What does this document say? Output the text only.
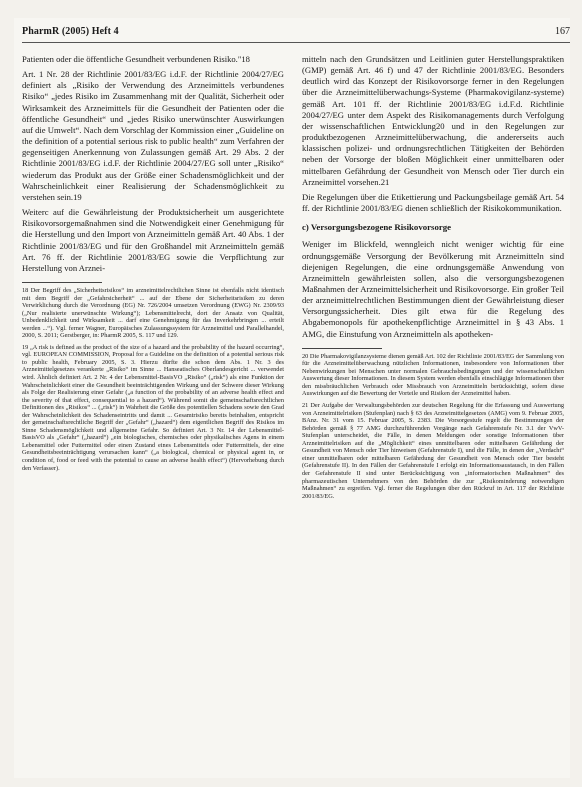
PharmR (2005) Heft 4	167

Patienten oder die öffentliche Gesundheit verbundenen Risiko."18

Art. 1 Nr. 28 der Richtlinie 2001/83/EG i.d.F. der Richtlinie 2004/27/EG definiert als „Risiko der Verwendung des Arzneimittels verbundenes Risiko“ „jedes Risiko im Zusammenhang mit der Qualität, Sicherheit oder Wirksamkeit des Arzneimittels für die Gesundheit der Patienten oder die öffentliche Gesundheit“ und „jedes Risiko unerwünschter Auswirkungen auf die Umwelt“. Nach dem Vorschlag der Kommission einer „Guideline on the definition of a potential serious risk to public health“ zum Verfahren der gegenseitigen Anerkennung von Zulassungen gemäß Art. 29 Abs. 2 der Richtlinie 2001/83/EG i.d.F. der Richtlinie 2004/27/EG soll unter „Risiko“ wiederum das Produkt aus der Größe einer Schadensmöglichkeit und der Wahrscheinlichkeit einer Realisierung der Schadensmöglichkeit zu verstehen sein.19

Weiterc auf die Gewährleistung der Produktsicherheit um ausgerichtete Risikovorsorgemaßnahmen sind die Notwendigkeit einer Genehmigung für die Herstellung und den Import von Arzneimitteln gemäß Art. 40 Abs. 1 der Richtlinie 2001/83/EG und für den Großhandel mit Arzneimitteln gemäß Art. 76 ff. der Richtlinie 2001/83/EG sowie die Verpflichtung zur Herstellung von Arznei-

18 Der Begriff des „Sicherheitsrisikos“ im arzneimittelrechtlichen Sinne ist ebenfalls nicht identisch mit dem Begriff der „Gefahrsicherheit“ ... auf der Ebene der Sicherheitsrisiken zu deren Verwirklichung durch die Verordnung (EG) Nr. 726/2004 umsetzen Verordnung (EWG) Nr. 2309/93 („Nur realisierte unerwünschte Wirkung“); Lebensmittelrecht, dort der Ansatz von Qualität, Unbedenklichkeit und Wirksamkeit ... darf eine Genehmigung für das Inverkehrbringen ... erteilt werden ...“). Vgl. ferner Wagner, Europäisches Zulassungssystem für Arzneimittel und Parallelhandel, 2000, S. 2011; Gerstberger, in: PharmR 2005, S. 117 und 129.

19 „A risk is defined as the product of the size of a hazard and the probability of the hazard occurring“, vgl. EUROPEAN COMMISSION, Proposal for a Guideline on the definition of a potential serious risk to public health, February 2005, S. 3. Hierzu dürfte die schon dem Abs. 1 Nr. 3 des Arzneimittelgesetzes verankerte „Risiko“ im Sinne ... Hanseatisches Oberlandesgericht ... verwendet wird. Ähnlich definiert Art. 2 Nr. 4 der Lebensmittel-BasisVO „Risiko“ („risk“) als eine Funktion der Wahrscheinlichkeit einer die Gesundheit beeinträchtigenden Wirkung und der Schwere dieser Wirkung als Folge der Realisierung einer Gefahr („a function of the probability of an adverse health effect and the severity of that effect, consequential to a hazard“). Während somit die gemeinschaftsrechtlichen Definitionen des „Risikos“ ... („risk“) in Wahrheit die Größe des potentiellen Schadens sowie den Grad der Wahrscheinlichkeit des Schadenseintritts und damit ... Gesamtrisiko bereits beinhalten, entspricht der gemeinschaftsrechtliche Begriff der „Gefahr“ („hazard“) dem eigentlichen Begriff des Risikos im Sinne Schadensmöglichkeit und allgemeine Gefahr. So definiert Art. 3 Nr. 14 der Lebensmittel-BasisVO als „Gefahr“ („hazard“) „ein biologisches, chemisches oder physikalisches Agens in einem Lebensmittel oder Futtermittel oder einen Zustand eines Lebensmittels oder Futtermittels, der eine Gesundheitsbeeinträchtigung verursachen kann“ („a biological, chemical or physical agent in, or condition of, food or feed with the potential to cause an adverse health effect“) (Hervorhebung durch den Verfasser).

mitteln nach den Grundsätzen und Leitlinien guter Herstellungspraktiken (GMP) gemäß Art. 46 f) und 47 der Richtlinie 2001/83/EG. Besonders deutlich wird das Konzept der Risikovorsorge ferner in den Regelungen über die Arzneimittelüberwachungs-Systeme (Pharmakovigilanz-systeme) gemäß Art. 101 ff. der Richtlinie 2001/83/EG i.d.F.d. Richtlinie 2004/27/EG unter dem Aspekt des Risikomanagements durch Verfolgung der wissenschaftlichen Entwicklung20 und in den Regelungen zur produktbezogenen Arzneimittelüberwachung, die andererseits auch klassischen polizei- und ordnungsrechtlichen Tätigkeiten der Behörden neben der Vorsorge der bloßen Möglichkeit einer unmittelbaren oder mittelbaren Gefährdung der Gesundheit von Mensch oder Tier durch ein Arzneimittel vorsehen.21

Die Regelungen über die Etikettierung und Packungsbeilage gemäß Art. 54 ff. der Richtlinie 2001/83/EG dienen schließlich der Risikokommunikation.

c) Versorgungsbezogene Risikovorsorge

Weniger im Blickfeld, wenngleich nicht weniger wichtig für eine ordnungsgemäße Versorgung der Bevölkerung mit Arzneimitteln sind diejenigen Regelungen, die eine ordnungsgemäße Anwendung von Arzneimitteln gewährleisten sollen, also die versorgungsbezogenen Maßnahmen der Arzneimittelsicherheit und Risikovorsorge. Ein großer Teil der arzneimittelrechtlichen Bestimmungen dient der Gewährleistung dieser Versorgungssicherheit. Dies gilt etwa für die Regelung des Abgabemonopols für apothekenpflichtige Arzneimittel in § 43 Abs. 1 AMG, die Einstufung von Arzneimitteln als apotheken-

20 Die Pharmakovigilanzsysteme dienen gemäß Art. 102 der Richtlinie 2001/83/EG der Sammlung von für die Arzneimittelüberwachung nützlichen Informationen, insbesondere von Informationen über Nebenwirkungen bei Menschen unter normalen Gebrauchsbedingungen und der wissenschaftlichen Auswertung dieser Informationen. In diesem System werden ebenfalls einschlägige Informationen über den missbräuchlichen Verbrauch oder Missbrauch von Arzneimitteln berücksichtigt, sofern diese Auswirkungen auf die Bewertung der Vorteile und Risiken der Arzneimittel haben.

21 Der Aufgabe der Verwaltungsbehörden zur deutschen Regelung für die Erfassung und Auswertung von Arzneimittelrisiken (Stufenplan) nach § 63 des Arzneimittelgesetzes (AMG) vom 9. Februar 2005, BAnz. Nr. 31 vom 15. Februar 2005, S. 2383. Die Vorsorgestufe regelt die Bestimmungen der Behörden gemäß § 77 AMG durchzuführenden Vorgänge nach Gefahrenstufe Nr. 3.1 der VwV-Stufenplan unterscheidet, die Fälle, in denen Meldungen oder sonstige Informationen über Arzneimittelrisiken auf die „Möglichkeit“ eines unmittelbaren oder mittelbaren Gefährdung der Gesundheit von Mensch oder Tier hinweisen (Gefahrenstufe I), und die Fälle, in denen der „Verdacht“ einer unmittelbaren oder mittelbaren Gefährdung der Gesundheit von Mensch oder Tier besteht (Gefahrenstufe II). In den Fällen der Gefahrenstufe I erfolgt ein Informationsaustausch, in den Fällen der Gefahrenstufe II sind unter Berücksichtigung von „informatorischen Maßnahmen“ des pharmazeutischen Unternehmers von den Behörden die zur „Risikominderung notwendigen Maßnahmen“ zu ergreifen. Vgl. ferner die Regelungen über den Rückruf in Art. 117 der Richtlinie 2001/83/EG.
